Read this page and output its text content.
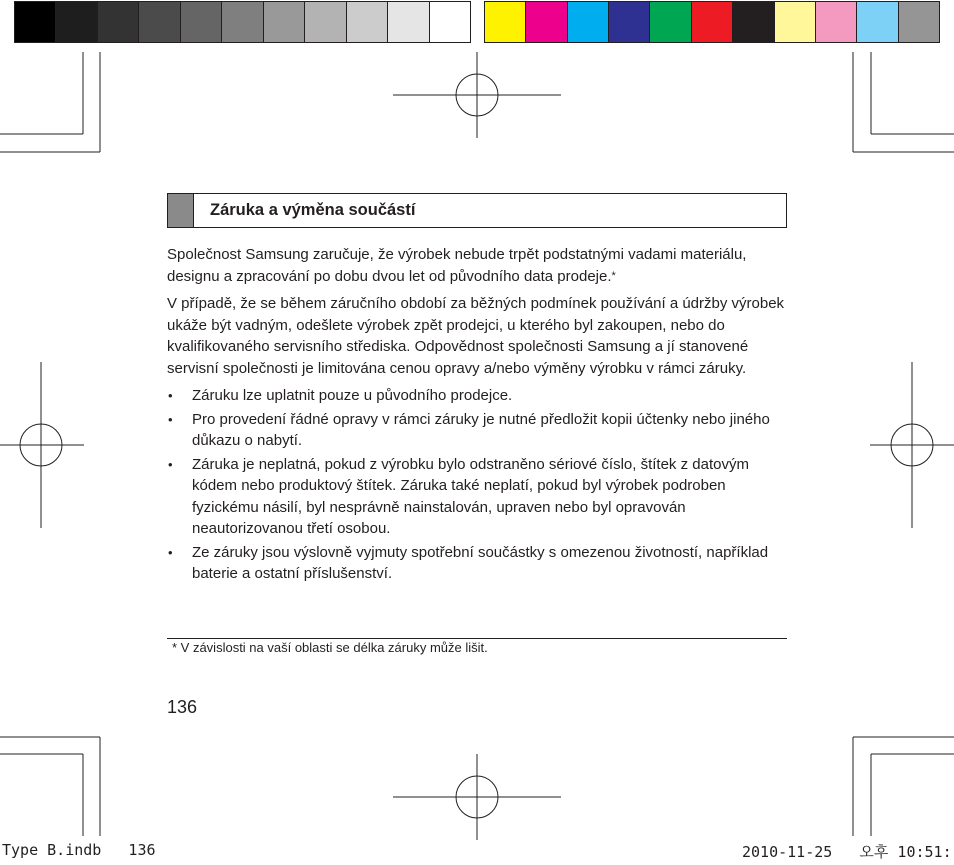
Záruka a výměna součástí

Společnost Samsung zaručuje, že výrobek nebude trpět podstatnými vadami materiálu, designu a zpracování po dobu dvou let od původního data prodeje.*

V případě, že se během záručního období za běžných podmínek používání a údržby výrobek ukáže být vadným, odešlete výrobek zpět prodejci, u kterého byl zakoupen, nebo do kvalifikovaného servisního střediska. Odpovědnost společnosti Samsung a jí stanovené servisní společnosti je limitována cenou opravy a/nebo výměny výrobku v rámci záruky.

• Záruku lze uplatnit pouze u původního prodejce.
• Pro provedení řádné opravy v rámci záruky je nutné předložit kopii účtenky nebo jiného důkazu o nabytí.
• Záruka je neplatná, pokud z výrobku bylo odstraněno sériové číslo, štítek z datovým kódem nebo produktový štítek. Záruka také neplatí, pokud byl výrobek podroben fyzickému násilí, byl nesprávně nainstalován, upraven nebo byl opravován neautorizovanou třetí osobou.
• Ze záruky jsou výslovně vyjmuty spotřební součástky s omezenou životností, například baterie a ostatní příslušenství.
* V závislosti na vaší oblasti se délka záruky může lišit.
136
Type B.indb   136	2010-11-25   오후 10:51:
